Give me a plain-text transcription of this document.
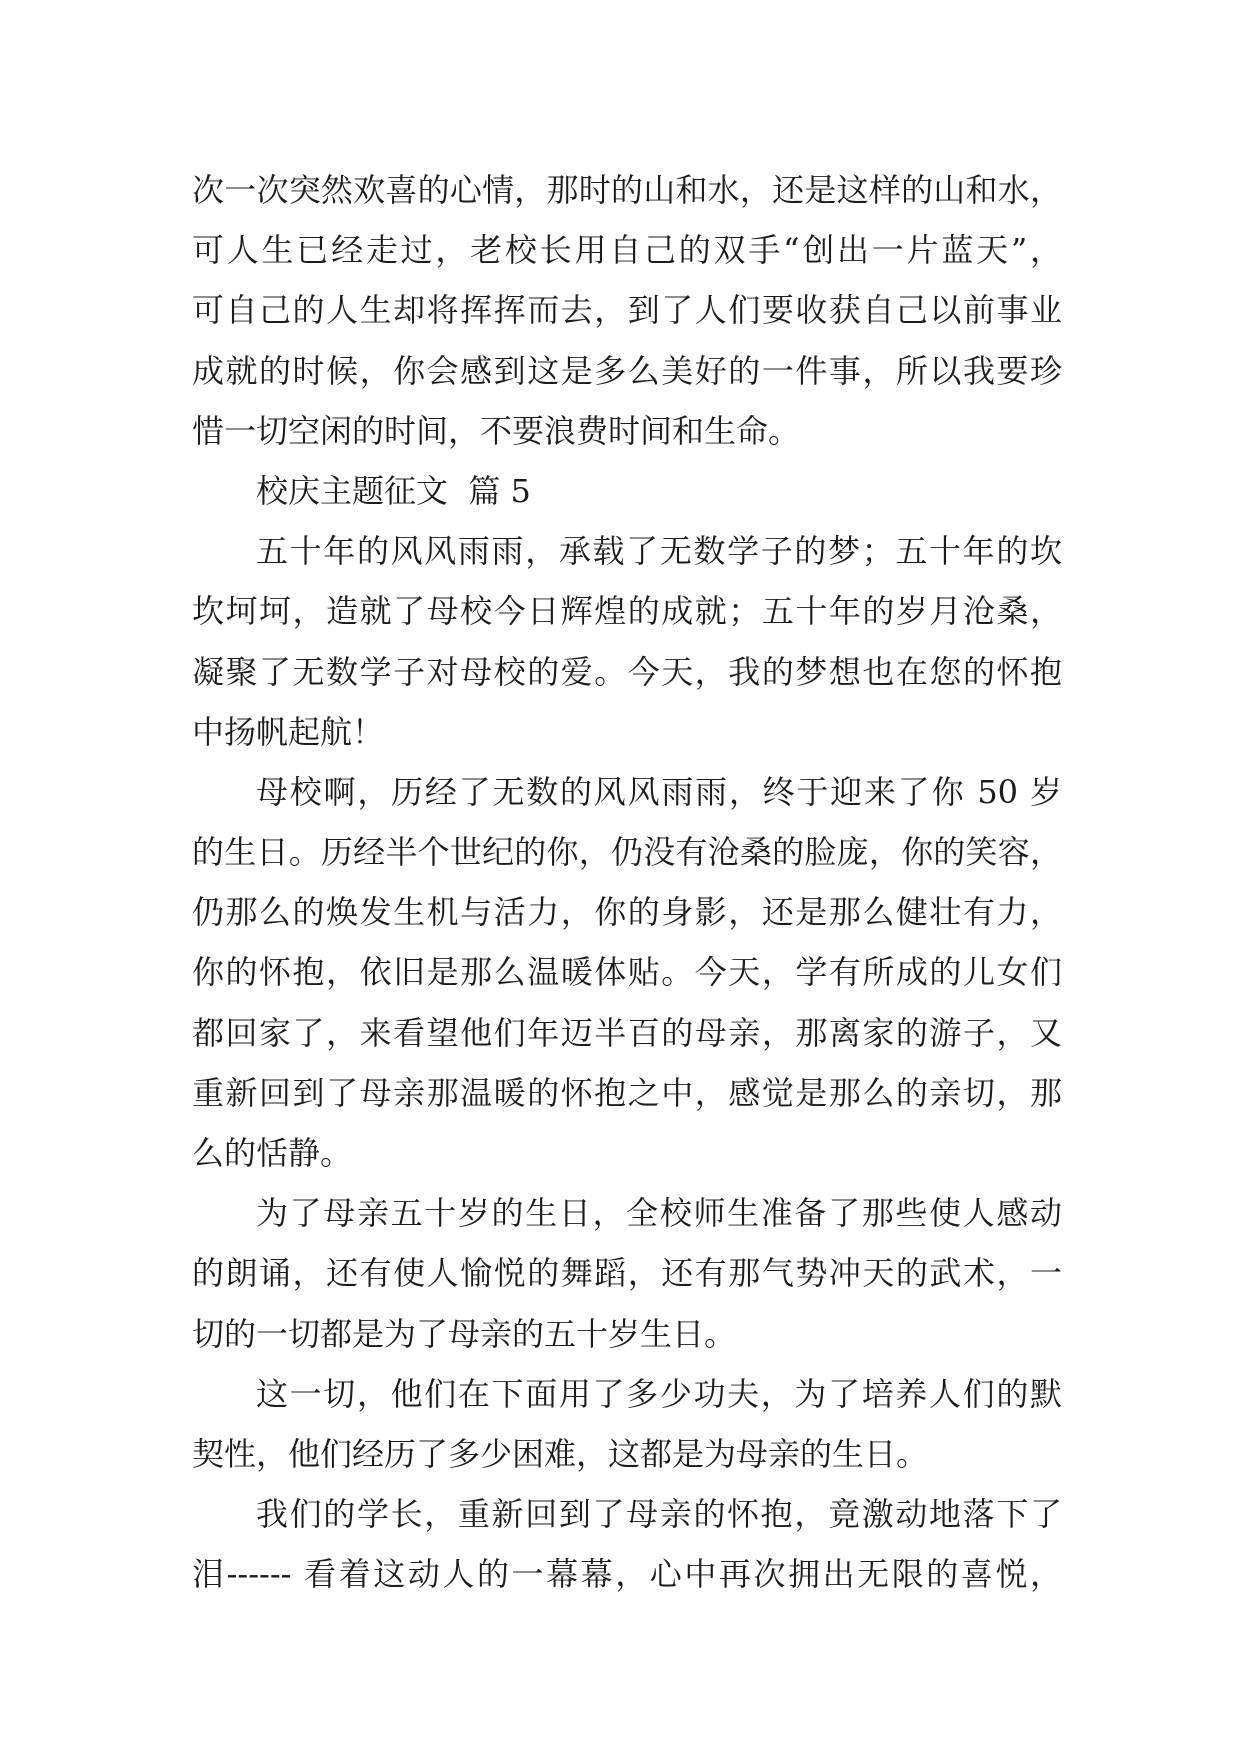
次一次突然欢喜的心情，那时的山和水，还是这样的山和水，
可人生已经走过，老校长用自己的双手“创出一片蓝天”，
可自己的人生却将挥挥而去，到了人们要收获自己以前事业
成就的时候，你会感到这是多么美好的一件事，所以我要珍
惜一切空闲的时间，不要浪费时间和生命。
校庆主题征文  篇 5
五十年的风风雨雨，承载了无数学子的梦；五十年的坎
坎坷坷，造就了母校今日辉煌的成就；五十年的岁月沧桑，
凝聚了无数学子对母校的爱。今天，我的梦想也在您的怀抱
中扬帆起航！
母校啊，历经了无数的风风雨雨，终于迎来了你 50 岁
的生日。历经半个世纪的你，仍没有沧桑的脸庞，你的笑容，
仍那么的焕发生机与活力，你的身影，还是那么健壮有力，
你的怀抱，依旧是那么温暖体贴。今天，学有所成的儿女们
都回家了，来看望他们年迈半百的母亲，那离家的游子，又
重新回到了母亲那温暖的怀抱之中，感觉是那么的亲切，那
么的恬静。
为了母亲五十岁的生日，全校师生准备了那些使人感动
的朗诵，还有使人愉悦的舞蹈，还有那气势冲天的武术，一
切的一切都是为了母亲的五十岁生日。
这一切，他们在下面用了多少功夫，为了培养人们的默
契性，他们经历了多少困难，这都是为母亲的生日。
我们的学长，重新回到了母亲的怀抱，竟激动地落下了
泪------ 看着这动人的一幕幕，心中再次拥出无限的喜悦，
